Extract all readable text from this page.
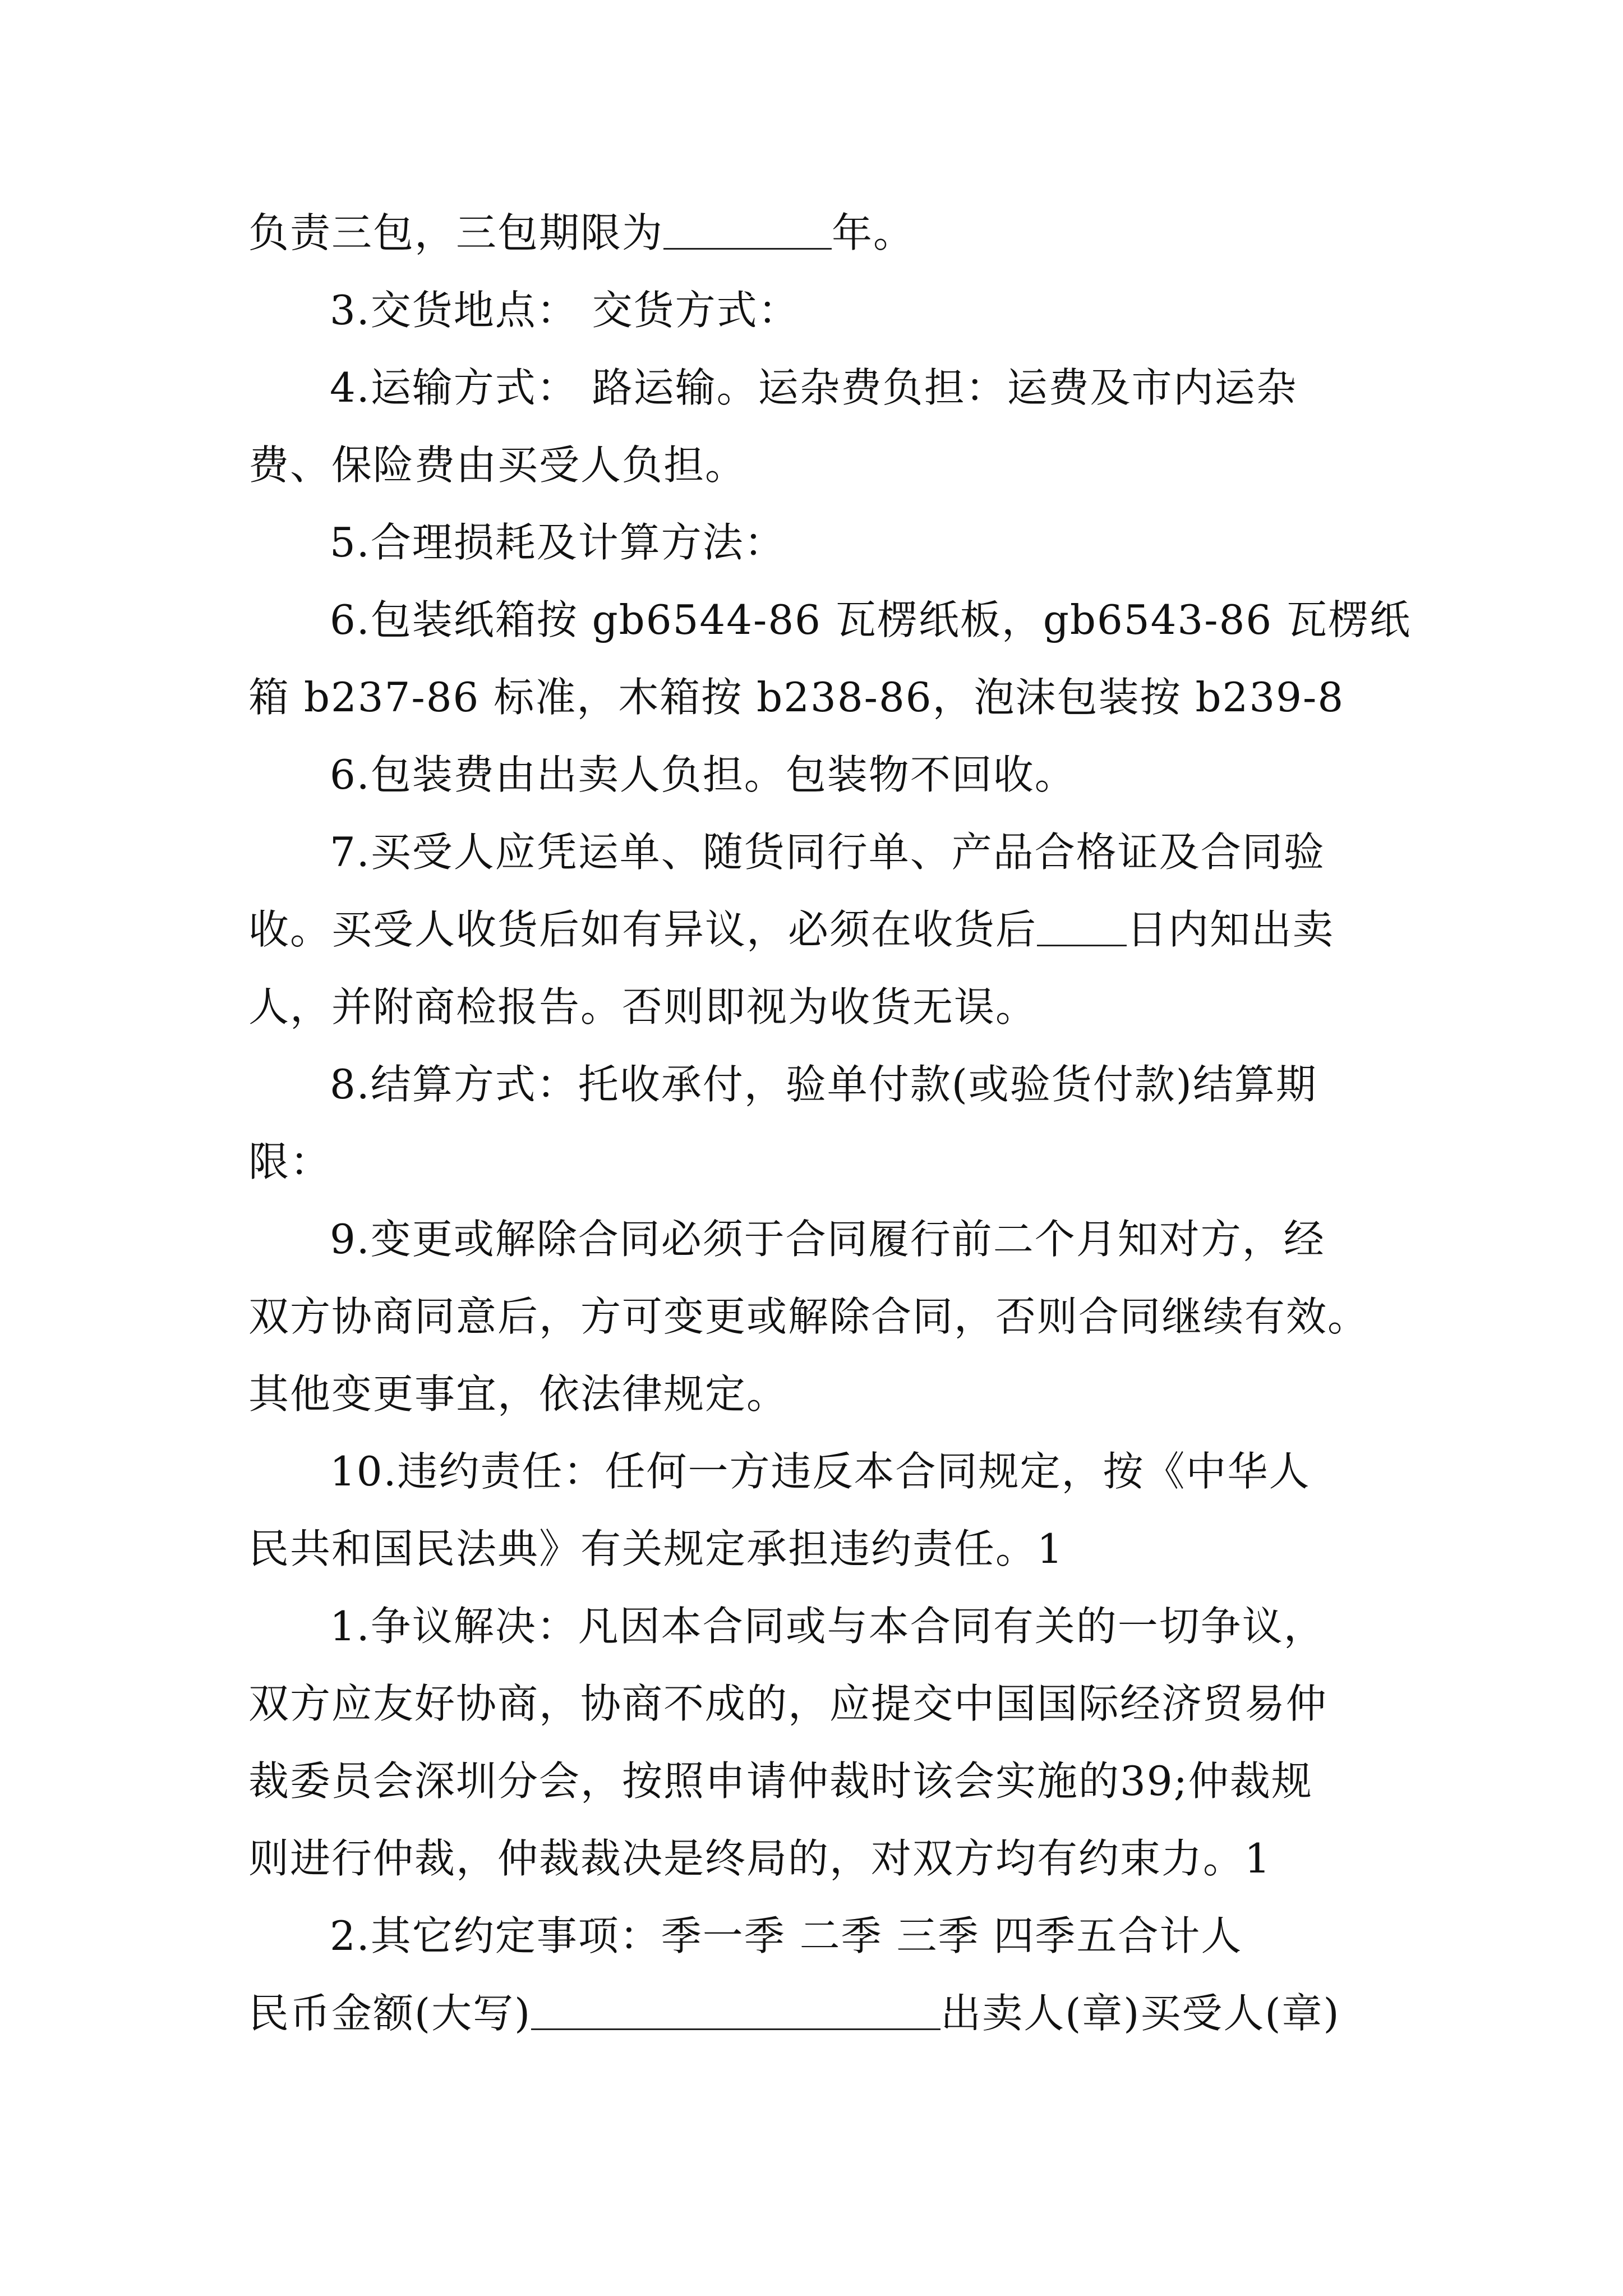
负责三包，三包期限为	年。
3.交货地点： 交货方式：
4.运输方式： 路运输。运杂费负担：运费及市内运杂
费、保险费由买受人负担。
5.合理损耗及计算方法：
6.包装纸箱按 gb6544-86 瓦楞纸板，gb6543-86 瓦楞纸
箱 b237-86 标准，木箱按 b238-86，泡沫包装按 b239-8
6.包装费由出卖人负担。包装物不回收。
7.买受人应凭运单、随货同行单、产品合格证及合同验
收。买受人收货后如有异议，必须在收货后 日内知出卖
人，并附商检报告。否则即视为收货无误。
8.结算方式：托收承付，验单付款(或验货付款)结算期
限：
9.变更或解除合同必须于合同履行前二个月知对方，经
双方协商同意后，方可变更或解除合同，否则合同继续有效。
其他变更事宜，依法律规定。
10.违约责任：任何一方违反本合同规定，按《中华人
民共和国民法典》有关规定承担违约责任。1
1.争议解决：凡因本合同或与本合同有关的一切争议，
双方应友好协商，协商不成的，应提交中国国际经济贸易仲
裁委员会深圳分会，按照申请仲裁时该会实施的39;仲裁规
则进行仲裁，仲裁裁决是终局的，对双方均有约束力。1
2.其它约定事项：季一季 二季 三季 四季五合计人
民币金额(大写)	出卖人(章)买受人(章)
